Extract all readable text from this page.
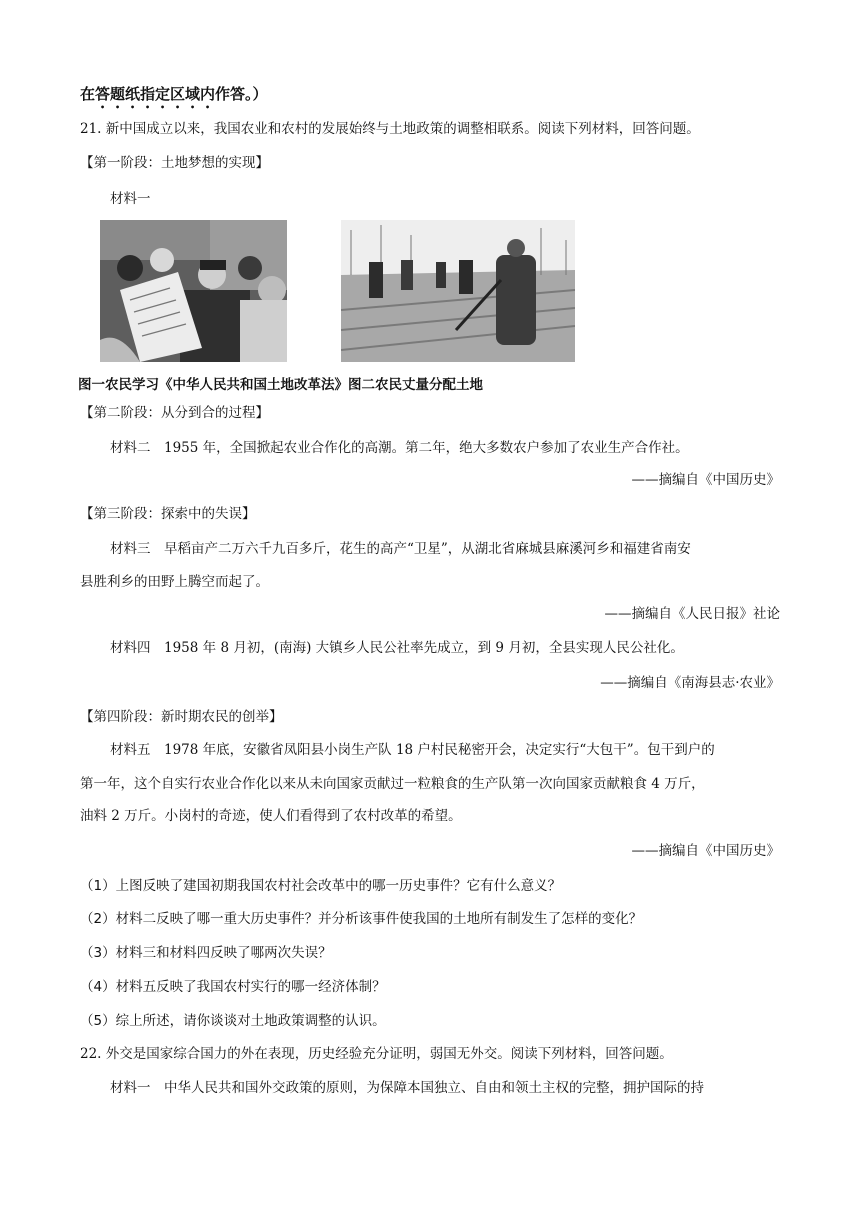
在答题纸指定区域内作答。）
21. 新中国成立以来，我国农业和农村的发展始终与土地政策的调整相联系。阅读下列材料，回答问题。
【第一阶段：土地梦想的实现】
材料一
图一农民学习《中华人民共和国土地改革法》图二农民丈量分配土地
【第二阶段：从分到合的过程】
材料二　1955 年，全国掀起农业合作化的高潮。第二年，绝大多数农户参加了农业生产合作社。
——摘编自《中国历史》
【第三阶段：探索中的失误】
材料三　早稻亩产二万六千九百多斤，花生的高产“卫星”，从湖北省麻城县麻溪河乡和福建省南安
县胜利乡的田野上腾空而起了。
——摘编自《人民日报》社论
材料四　1958 年 8 月初，(南海) 大镇乡人民公社率先成立，到 9 月初，全县实现人民公社化。
——摘编自《南海县志·农业》
【第四阶段：新时期农民的创举】
材料五　1978 年底，安徽省凤阳县小岗生产队 18 户村民秘密开会，决定实行“大包干”。包干到户的
第一年，这个自实行农业合作化以来从未向国家贡献过一粒粮食的生产队第一次向国家贡献粮食 4 万斤，
油料 2 万斤。小岗村的奇迹，使人们看得到了农村改革的希望。
——摘编自《中国历史》
（1）上图反映了建国初期我国农村社会改革中的哪一历史事件？它有什么意义？
（2）材料二反映了哪一重大历史事件？并分析该事件使我国的土地所有制发生了怎样的变化？
（3）材料三和材料四反映了哪两次失误？
（4）材料五反映了我国农村实行的哪一经济体制？
（5）综上所述，请你谈谈对土地政策调整的认识。
22. 外交是国家综合国力的外在表现，历史经验充分证明，弱国无外交。阅读下列材料，回答问题。
材料一　中华人民共和国外交政策的原则，为保障本国独立、自由和领土主权的完整，拥护国际的持
